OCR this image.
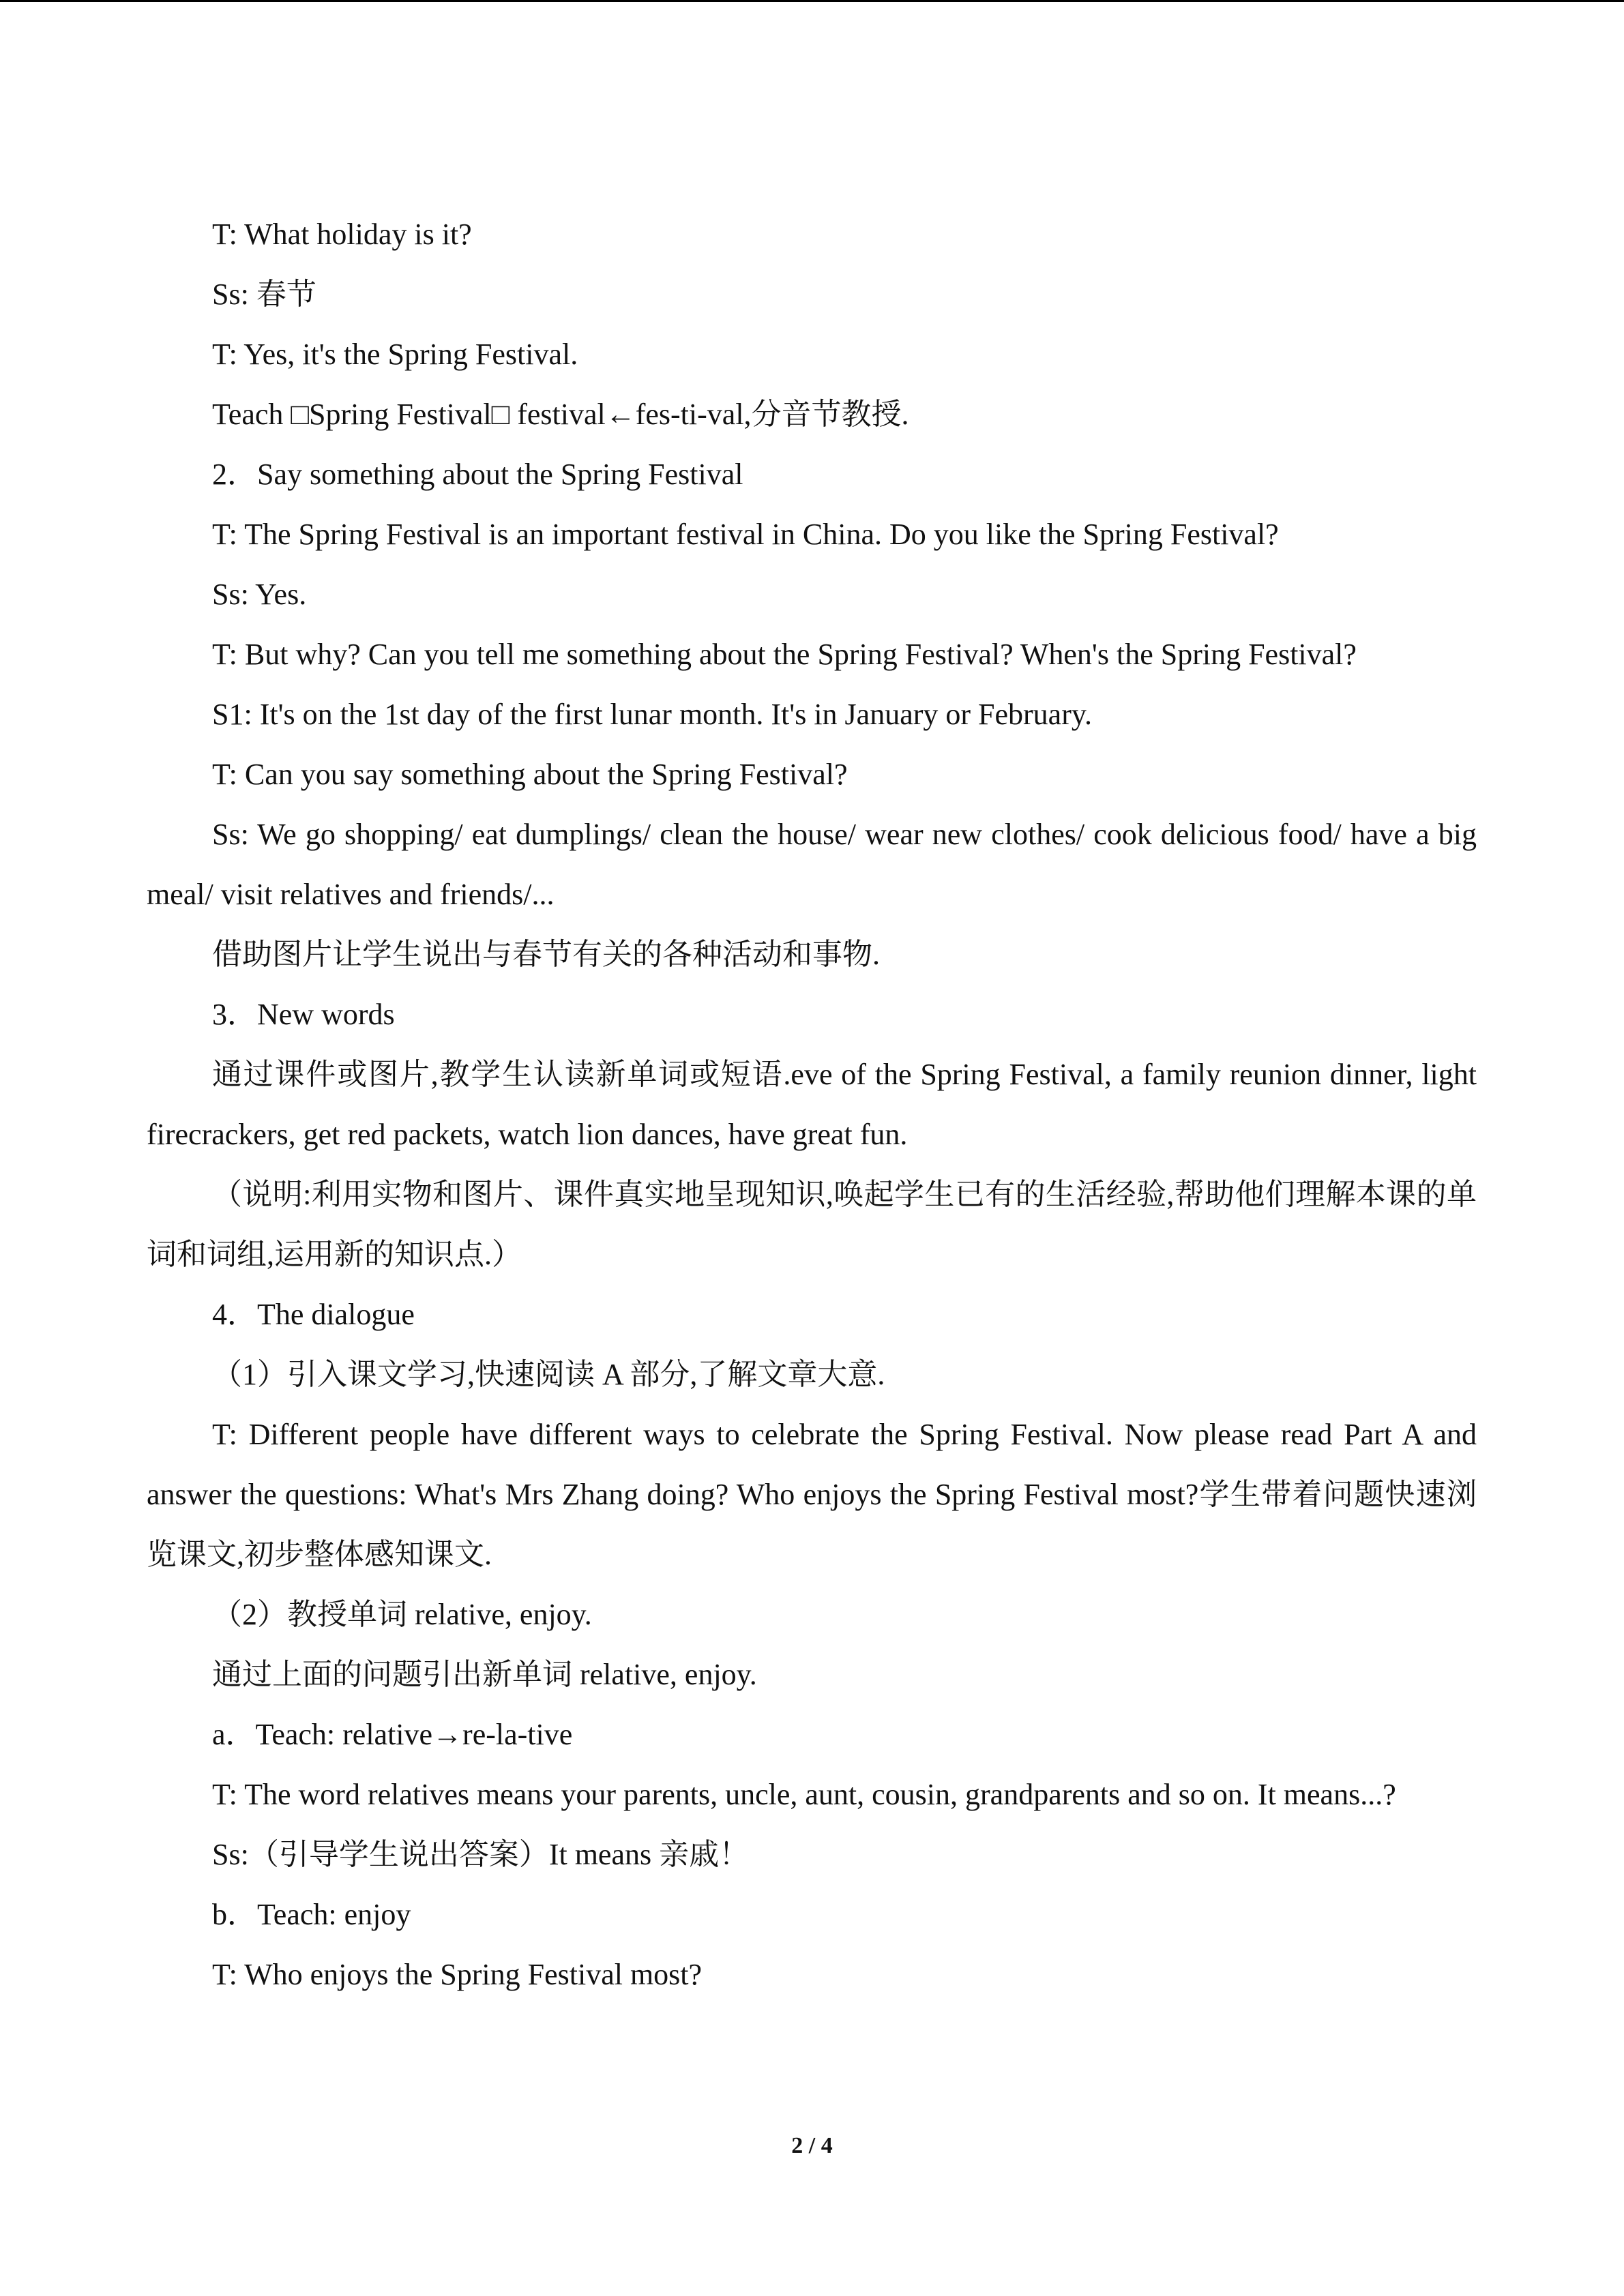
T: What holiday is it?

Ss: 春节

T: Yes, it's the Spring Festival.

Teach □Spring Festival□ festival←fes-ti-val,分音节教授.

2．Say something about the Spring Festival

T: The Spring Festival is an important festival in China. Do you like the Spring Festival?

Ss: Yes.

T: But why? Can you tell me something about the Spring Festival? When's the Spring Festival?

S1: It's on the 1st day of the first lunar month. It's in January or February.

T: Can you say something about the Spring Festival?

Ss: We go shopping/ eat dumplings/ clean the house/ wear new clothes/ cook delicious food/ have a big meal/ visit relatives and friends/...

借助图片让学生说出与春节有关的各种活动和事物.

3．New words

通过课件或图片,教学生认读新单词或短语.eve of the Spring Festival, a family reunion dinner, light firecrackers, get red packets, watch lion dances, have great fun.

（说明:利用实物和图片、课件真实地呈现知识,唤起学生已有的生活经验,帮助他们理解本课的单词和词组,运用新的知识点.）

4．The dialogue

（1）引入课文学习,快速阅读 A 部分,了解文章大意.

T: Different people have different ways to celebrate the Spring Festival. Now please read Part A and answer the questions: What's Mrs Zhang doing? Who enjoys the Spring Festival most?学生带着问题快速浏览课文,初步整体感知课文.

（2）教授单词 relative, enjoy.

通过上面的问题引出新单词 relative, enjoy.

a．Teach: relative→re-la-tive

T: The word relatives means your parents, uncle, aunt, cousin, grandparents and so on. It means...?

Ss:（引导学生说出答案）It means 亲戚！

b．Teach: enjoy

T: Who enjoys the Spring Festival most?

2 / 4
